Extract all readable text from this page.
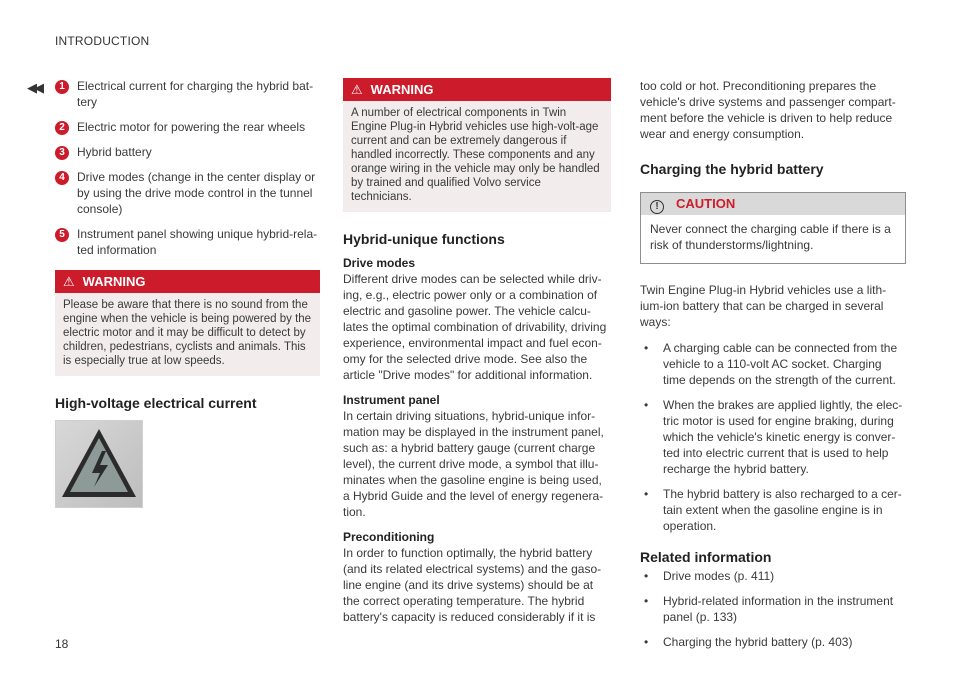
INTRODUCTION
◀◀
18
1	Electrical current for charging the hybrid bat-tery
2	Electric motor for powering the rear wheels
3	Hybrid battery
4	Drive modes (change in the center display or by using the drive mode control in the tunnel console)
5	Instrument panel showing unique hybrid-rela-ted information
⚠ WARNING
Please be aware that there is no sound from the engine when the vehicle is being powered by the electric motor and it may be difficult to detect by children, pedestrians, cyclists and animals. This is especially true at low speeds.
High-voltage electrical current
⚠ WARNING
A number of electrical components in Twin Engine Plug-in Hybrid vehicles use high-volt-age current and can be extremely dangerous if handled incorrectly. These components and any orange wiring in the vehicle may only be handled by trained and qualified Volvo service technicians.
Hybrid-unique functions
Drive modes

Different drive modes can be selected while driv-ing, e.g., electric power only or a combination of electric and gasoline power. The vehicle calcu-lates the optimal combination of drivability, driving experience, environmental impact and fuel econ-omy for the selected drive mode. See also the article "Drive modes" for additional information.

Instrument panel

In certain driving situations, hybrid-unique infor-mation may be displayed in the instrument panel, such as: a hybrid battery gauge (current charge level), the current drive mode, a symbol that illu-minates when the gasoline engine is being used, a Hybrid Guide and the level of energy regenera-tion.

Preconditioning

In order to function optimally, the hybrid battery (and its related electrical systems) and the gaso-line engine (and its drive systems) should be at the correct operating temperature. The hybrid battery's capacity is reduced considerably if it is

too cold or hot. Preconditioning prepares the vehicle's drive systems and passenger compart-ment before the vehicle is driven to help reduce wear and energy consumption.

Charging the hybrid battery
! CAUTION
Never connect the charging cable if there is a risk of thunderstorms/lightning.

Twin Engine Plug-in Hybrid vehicles use a lith-ium-ion battery that can be charged in several ways:

• A charging cable can be connected from the vehicle to a 110-volt AC socket. Charging time depends on the strength of the current.
• When the brakes are applied lightly, the elec-tric motor is used for engine braking, during which the vehicle's kinetic energy is conver-ted into electric current that is used to help recharge the hybrid battery.
• The hybrid battery is also recharged to a cer-tain extent when the gasoline engine is in operation.
Related information
• Drive modes (p. 411)
• Hybrid-related information in the instrument panel (p. 133)
• Charging the hybrid battery (p. 403)
